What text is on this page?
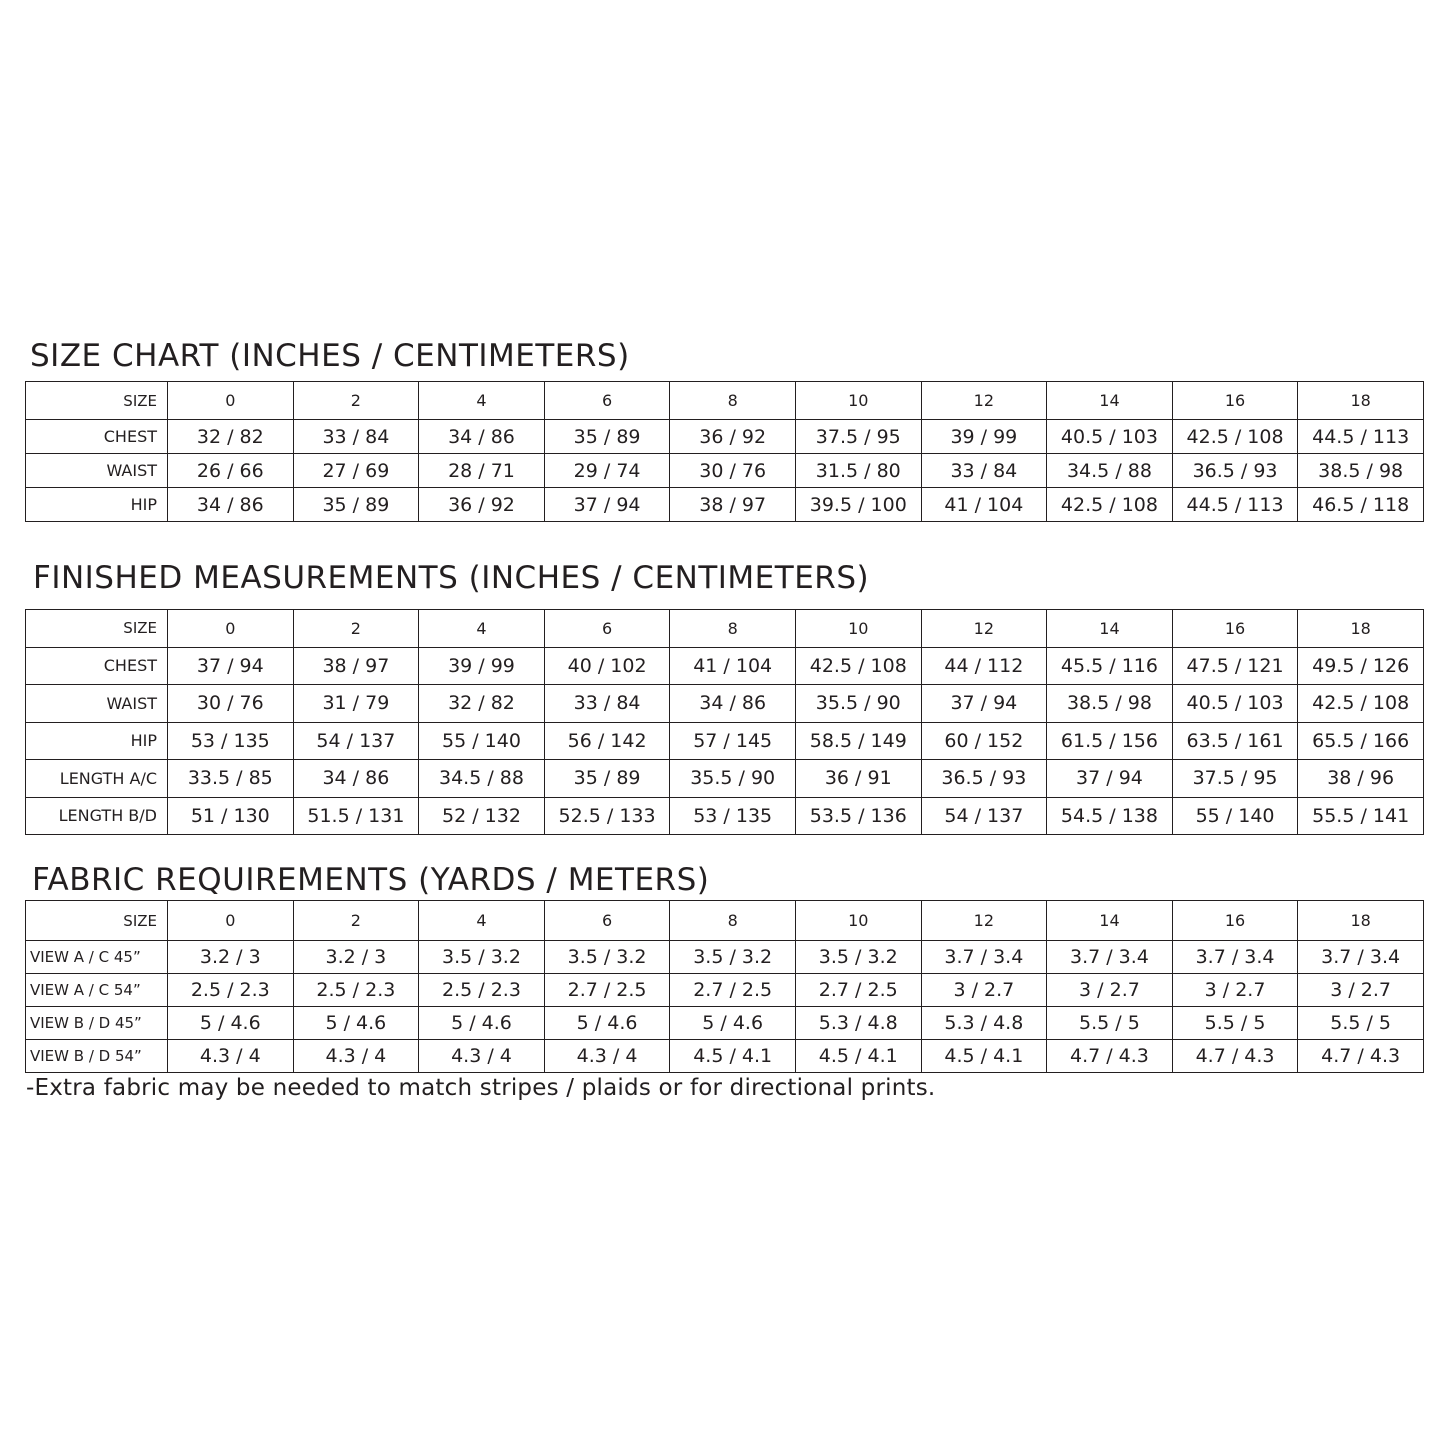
SIZE CHART (INCHES / CENTIMETERS)
SIZE	0	2	4	6	8	10	12	14	16	18
CHEST	32 / 82	33 / 84	34 / 86	35 / 89	36 / 92	37.5 / 95	39 / 99	40.5 / 103	42.5 / 108	44.5 / 113
WAIST	26 / 66	27 / 69	28 / 71	29 / 74	30 / 76	31.5 / 80	33 / 84	34.5 / 88	36.5 / 93	38.5 / 98
HIP	34 / 86	35 / 89	36 / 92	37 / 94	38 / 97	39.5 / 100	41 / 104	42.5 / 108	44.5 / 113	46.5 / 118
FINISHED MEASUREMENTS (INCHES / CENTIMETERS)
SIZE	0	2	4	6	8	10	12	14	16	18
CHEST	37 / 94	38 / 97	39 / 99	40 / 102	41 / 104	42.5 / 108	44 / 112	45.5 / 116	47.5 / 121	49.5 / 126
WAIST	30 / 76	31 / 79	32 / 82	33 / 84	34 / 86	35.5 / 90	37 / 94	38.5 / 98	40.5 / 103	42.5 / 108
HIP	53 / 135	54 / 137	55 / 140	56 / 142	57 / 145	58.5 / 149	60 / 152	61.5 / 156	63.5 / 161	65.5 / 166
LENGTH A/C	33.5 / 85	34 / 86	34.5 / 88	35 / 89	35.5 / 90	36 / 91	36.5 / 93	37 / 94	37.5 / 95	38 / 96
LENGTH B/D	51 / 130	51.5 / 131	52 / 132	52.5 / 133	53 / 135	53.5 / 136	54 / 137	54.5 / 138	55 / 140	55.5 / 141
FABRIC REQUIREMENTS (YARDS / METERS)
SIZE	0	2	4	6	8	10	12	14	16	18
VIEW A / C 45”	3.2 / 3	3.2 / 3	3.5 / 3.2	3.5 / 3.2	3.5 / 3.2	3.5 / 3.2	3.7 / 3.4	3.7 / 3.4	3.7 / 3.4	3.7 / 3.4
VIEW A / C 54”	2.5 / 2.3	2.5 / 2.3	2.5 / 2.3	2.7 / 2.5	2.7 / 2.5	2.7 / 2.5	3 / 2.7	3 / 2.7	3 / 2.7	3 / 2.7
VIEW B / D 45”	5 / 4.6	5 / 4.6	5 / 4.6	5 / 4.6	5 / 4.6	5.3 / 4.8	5.3 / 4.8	5.5 / 5	5.5 / 5	5.5 / 5
VIEW B / D 54”	4.3 / 4	4.3 / 4	4.3 / 4	4.3 / 4	4.5 / 4.1	4.5 / 4.1	4.5 / 4.1	4.7 / 4.3	4.7 / 4.3	4.7 / 4.3

-Extra fabric may be needed to match stripes / plaids or for directional prints.
